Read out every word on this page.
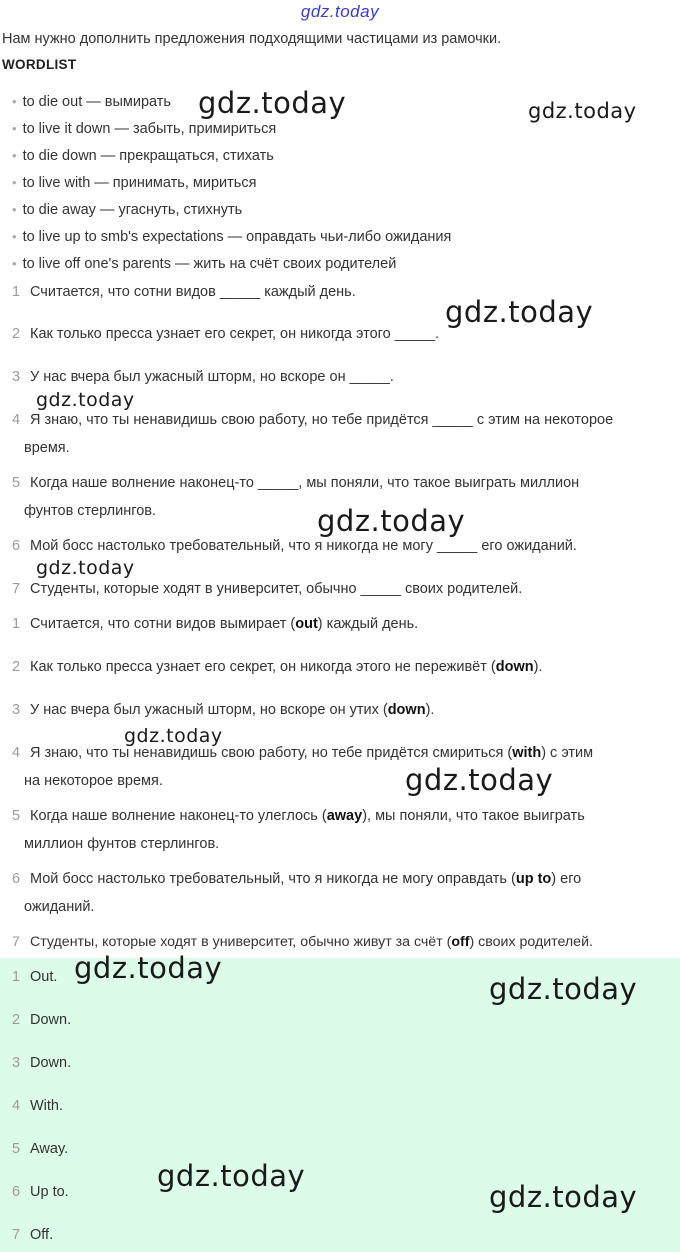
gdz.today
Нам нужно дополнить предложения подходящими частицами из рамочки.
WORDLIST
• to die out — вымирать
• to live it down — забыть, примириться
• to die down — прекращаться, стихать
• to live with — принимать, мириться
• to die away — угаснуть, стихнуть
• to live up to smb's expectations — оправдать чьи-либо ожидания
• to live off one's parents — жить на счёт своих родителей
1 Считается, что сотни видов _____ каждый день.
2 Как только пресса узнает его секрет, он никогда этого _____.
3 У нас вчера был ужасный шторм, но вскоре он _____.
4 Я знаю, что ты ненавидишь свою работу, но тебе придётся _____ с этим на некоторое
время.
5 Когда наше волнение наконец-то _____, мы поняли, что такое выиграть миллион
фунтов стерлингов.
6 Мой босс настолько требовательный, что я никогда не могу _____ его ожиданий.
7 Студенты, которые ходят в университет, обычно _____ своих родителей.
1 Считается, что сотни видов вымирает (out) каждый день.
2 Как только пресса узнает его секрет, он никогда этого не переживёт (down).
3 У нас вчера был ужасный шторм, но вскоре он утих (down).
4 Я знаю, что ты ненавидишь свою работу, но тебе придётся смириться (with) с этим
на некоторое время.
5 Когда наше волнение наконец-то улеглось (away), мы поняли, что такое выиграть
миллион фунтов стерлингов.
6 Мой босс настолько требовательный, что я никогда не могу оправдать (up to) его
ожиданий.
7 Студенты, которые ходят в университет, обычно живут за счёт (off) своих родителей.
1 Out.
2 Down.
3 Down.
4 With.
5 Away.
6 Up to.
7 Off.
gdz.today	gdz.today
gdz.today
gdz.today
gdz.today
gdz.today
gdz.today
gdz.today
gdz.today
gdz.today
gdz.today
gdz.today
